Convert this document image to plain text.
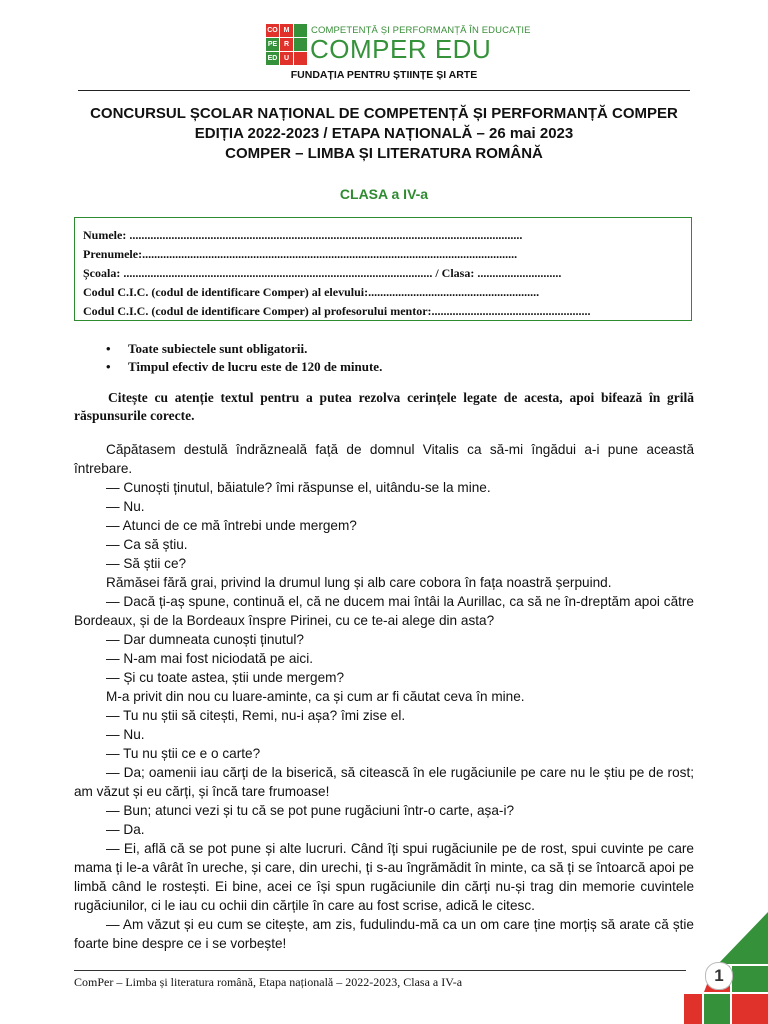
CO M
PE R
ED U
COMPETENȚĂ ȘI PERFORMANȚĂ ÎN EDUCAȚIE
COMPER EDU
FUNDAȚIA PENTRU ȘTIINȚE ȘI ARTE
CONCURSUL ȘCOLAR NAȚIONAL DE COMPETENȚĂ ȘI PERFORMANȚĂ COMPER
EDIȚIA 2022-2023 / ETAPA NAȚIONALĂ – 26 mai 2023
COMPER – LIMBA ȘI LITERATURA ROMÂNĂ
CLASA a IV-a
Numele: ...................................................................................................................................
Prenumele:.............................................................................................................................
Școala: ....................................................................................................... / Clasa: ............................
Codul C.I.C. (codul de identificare Comper) al elevului:.........................................................
Codul C.I.C. (codul de identificare Comper) al profesorului mentor:.....................................................
• Toate subiectele sunt obligatorii.
• Timpul efectiv de lucru este de 120 de minute.
Citește cu atenție textul pentru a putea rezolva cerințele legate de acesta, apoi bifează în grilă răspunsurile corecte.

Căpătasem destulă îndrăzneală față de domnul Vitalis ca să-mi îngădui a-i pune această întrebare.

— Cunoști ținutul, băiatule? îmi răspunse el, uitându-se la mine.

— Nu.

— Atunci de ce mă întrebi unde mergem?

— Ca să știu.

— Să știi ce?

Rămăsei fără grai, privind la drumul lung și alb care cobora în fața noastră șerpuind.

— Dacă ți-aș spune, continuă el, că ne ducem mai întâi la Aurillac, ca să ne în-dreptăm apoi către Bordeaux, și de la Bordeaux înspre Pirinei, cu ce te-ai alege din asta?

— Dar dumneata cunoști ținutul?

— N-am mai fost niciodată pe aici.

— Și cu toate astea, știi unde mergem?

M-a privit din nou cu luare-aminte, ca și cum ar fi căutat ceva în mine.

— Tu nu știi să citești, Remi, nu-i așa? îmi zise el.

— Nu.

— Tu nu știi ce e o carte?

— Da; oamenii iau cărți de la biserică, să citească în ele rugăciunile pe care nu le știu pe de rost; am văzut și eu cărți, și încă tare frumoase!

— Bun; atunci vezi și tu că se pot pune rugăciuni într-o carte, așa-i?

— Da.

— Ei, află că se pot pune și alte lucruri. Când îți spui rugăciunile pe de rost, spui cuvinte pe care mama ți le-a vârât în ureche, și care, din urechi, ți s-au îngrămădit în minte, ca să ți se întoarcă apoi pe limbă când le rostești. Ei bine, acei ce își spun rugăciunile din cărți nu-și trag din memorie cuvintele rugăciunilor, ci le iau cu ochii din cărțile în care au fost scrise, adică le citesc.

— Am văzut și eu cum se citește, am zis, fudulindu-mă ca un om care ține morțiș să arate că știe foarte bine despre ce i se vorbește!

ComPer – Limba și literatura română, Etapa națională – 2022-2023, Clasa a IV-a	1
